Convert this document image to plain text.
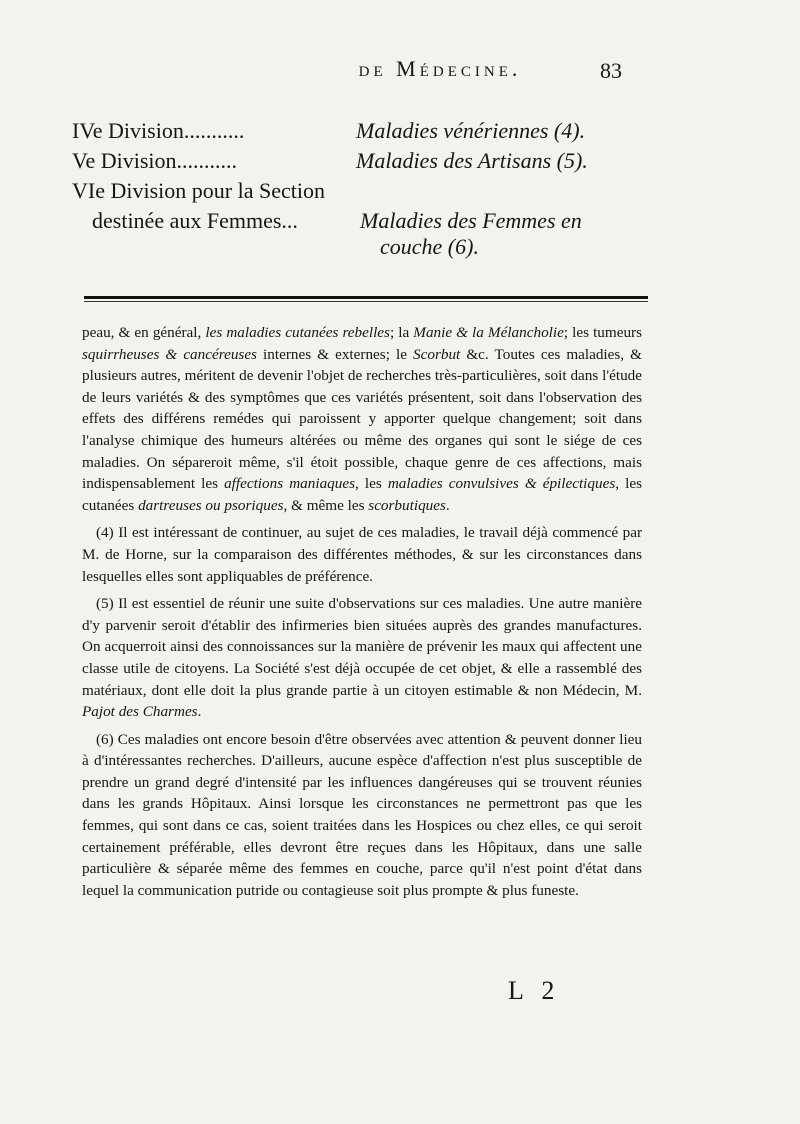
de Médecine.	83
IVe Division...........	Maladies vénériennes (4).
Ve Division...........	Maladies des Artisans (5).
VIe Division pour la Section
destinée aux Femmes...	Maladies des Femmes en
couche (6).

peau, & en général, les maladies cutanées rebelles; la Manie & la Mélancholie; les tumeurs squirrheuses & cancéreuses internes & externes; le Scorbut &c. Toutes ces maladies, & plusieurs autres, méritent de devenir l'objet de recherches très-particulières, soit dans l'étude de leurs variétés & des symptômes que ces variétés présentent, soit dans l'observation des effets des différens remédes qui paroissent y apporter quelque changement; soit dans l'analyse chimique des humeurs altérées ou même des organes qui sont le siége de ces maladies. On sépareroit même, s'il étoit possible, chaque genre de ces affections, mais indispensablement les affections maniaques, les maladies convulsives & épilectiques, les cutanées dartreuses ou psoriques, & même les scorbutiques.

(4) Il est intéressant de continuer, au sujet de ces maladies, le travail déjà commencé par M. de Horne, sur la comparaison des différentes méthodes, & sur les circonstances dans lesquelles elles sont appliquables de préférence.

(5) Il est essentiel de réunir une suite d'observations sur ces maladies. Une autre manière d'y parvenir seroit d'établir des infirmeries bien situées auprès des grandes manufactures. On acquerroit ainsi des connoissances sur la manière de prévenir les maux qui affectent une classe utile de citoyens. La Société s'est déjà occupée de cet objet, & elle a rassemblé des matériaux, dont elle doit la plus grande partie à un citoyen estimable & non Médecin, M. Pajot des Charmes.

(6) Ces maladies ont encore besoin d'être observées avec attention & peuvent donner lieu à d'intéressantes recherches. D'ailleurs, aucune espèce d'affection n'est plus susceptible de prendre un grand degré d'intensité par les influences dangéreuses qui se trouvent réunies dans les grands Hôpitaux. Ainsi lorsque les circonstances ne permettront pas que les femmes, qui sont dans ce cas, soient traitées dans les Hospices ou chez elles, ce qui seroit certainement préférable, elles devront être reçues dans les Hôpitaux, dans une salle particulière & séparée même des femmes en couche, parce qu'il n'est point d'état dans lequel la communication putride ou contagieuse soit plus prompte & plus funeste.

L 2
